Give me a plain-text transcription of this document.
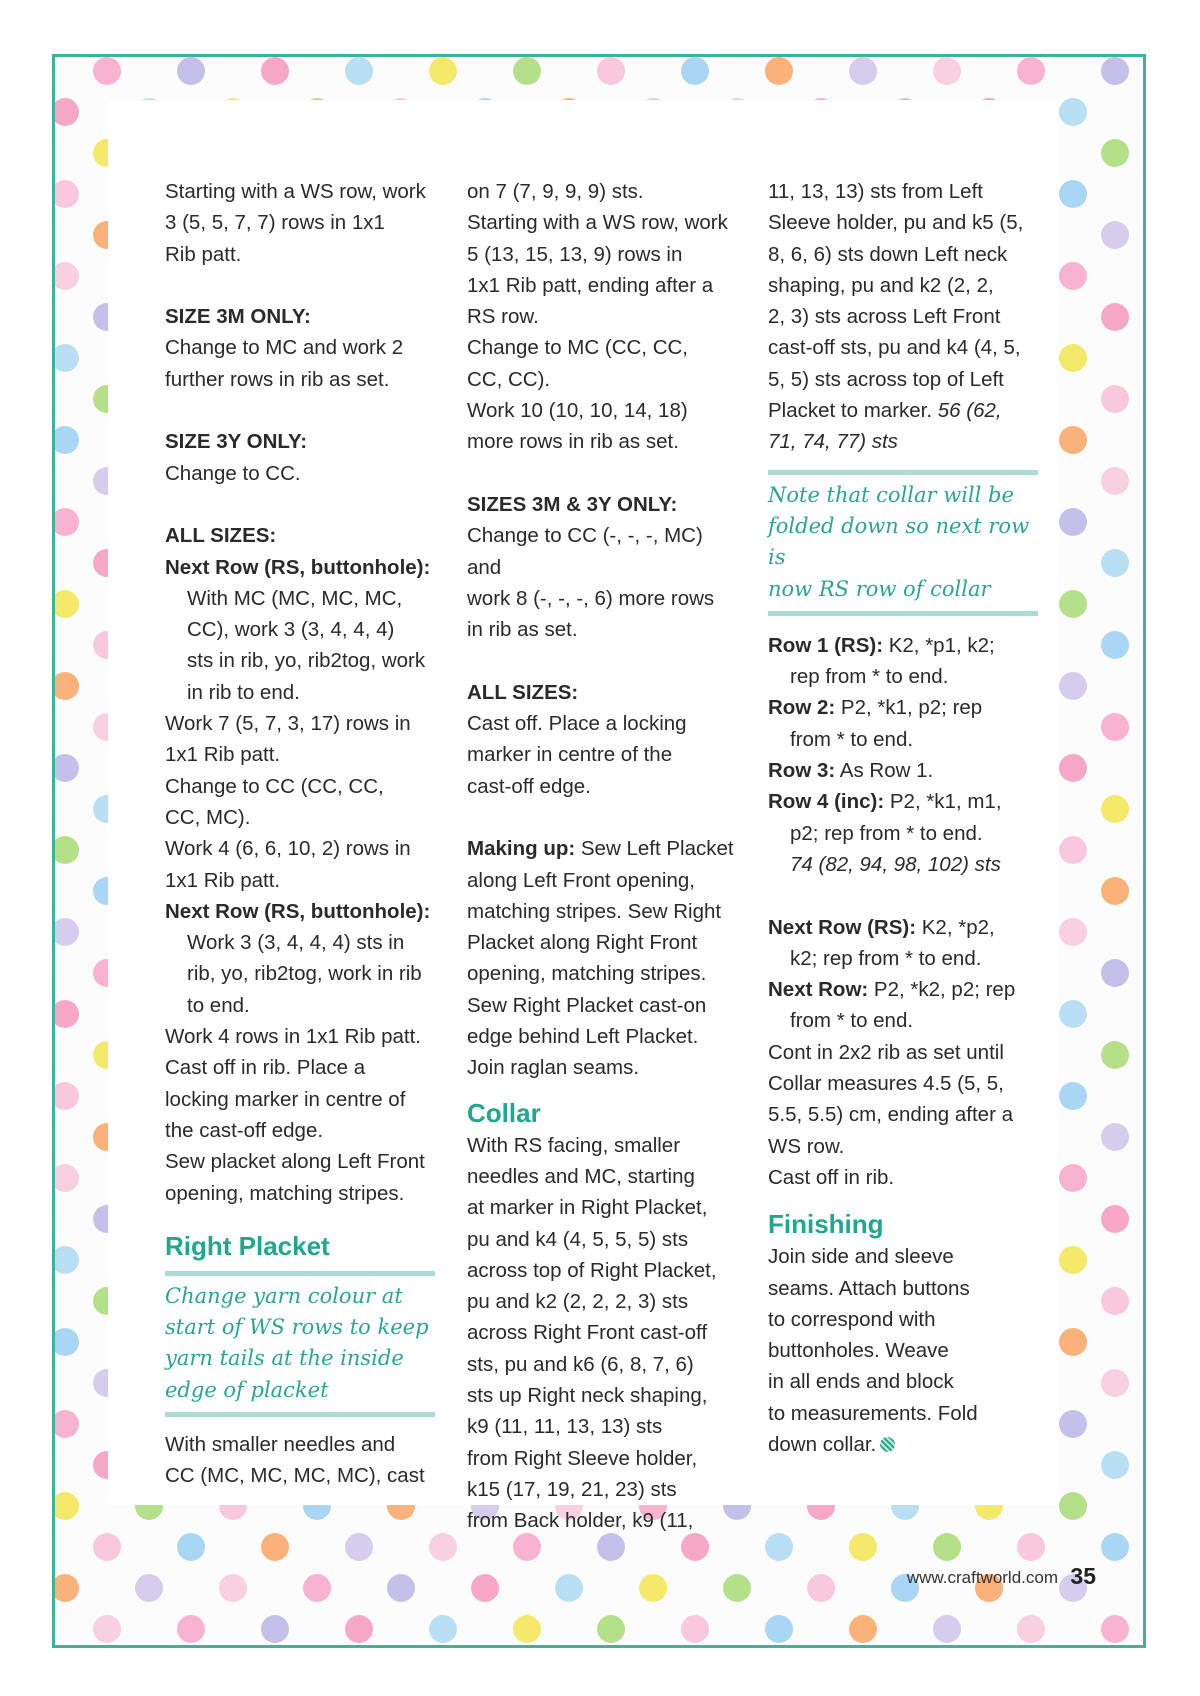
Starting with a WS row, work

3 (5, 5, 7, 7) rows in 1x1

Rib patt.

SIZE 3M ONLY:

Change to MC and work 2

further rows in rib as set.

SIZE 3Y ONLY:

Change to CC.

ALL SIZES:

Next Row (RS, buttonhole):

With MC (MC, MC, MC,

CC), work 3 (3, 4, 4, 4)

sts in rib, yo, rib2tog, work

in rib to end.

Work 7 (5, 7, 3, 17) rows in

1x1 Rib patt.

Change to CC (CC, CC,

CC, MC).

Work 4 (6, 6, 10, 2) rows in

1x1 Rib patt.

Next Row (RS, buttonhole):

Work 3 (3, 4, 4, 4) sts in

rib, yo, rib2tog, work in rib

to end.

Work 4 rows in 1x1 Rib patt.

Cast off in rib. Place a

locking marker in centre of

the cast-off edge.

Sew placket along Left Front

opening, matching stripes.

Right Placket
Change yarn colour at
start of WS rows to keep
yarn tails at the inside
edge of placket

With smaller needles and

CC (MC, MC, MC, MC), cast

on 7 (7, 9, 9, 9) sts.

Starting with a WS row, work

5 (13, 15, 13, 9) rows in

1x1 Rib patt, ending after a

RS row.

Change to MC (CC, CC,

CC, CC).

Work 10 (10, 10, 14, 18)

more rows in rib as set.

SIZES 3M & 3Y ONLY:

Change to CC (-, -, -, MC) and

work 8 (-, -, -, 6) more rows

in rib as set.

ALL SIZES:

Cast off. Place a locking

marker in centre of the

cast-off edge.

Making up: Sew Left Placket

along Left Front opening,

matching stripes. Sew Right

Placket along Right Front

opening, matching stripes.

Sew Right Placket cast-on

edge behind Left Placket.

Join raglan seams.

Collar

With RS facing, smaller

needles and MC, starting

at marker in Right Placket,

pu and k4 (4, 5, 5, 5) sts

across top of Right Placket,

pu and k2 (2, 2, 2, 3) sts

across Right Front cast-off

sts, pu and k6 (6, 8, 7, 6)

sts up Right neck shaping,

k9 (11, 11, 13, 13) sts

from Right Sleeve holder,

k15 (17, 19, 21, 23) sts

from Back holder, k9 (11,

11, 13, 13) sts from Left

Sleeve holder, pu and k5 (5,

8, 6, 6) sts down Left neck

shaping, pu and k2 (2, 2,

2, 3) sts across Left Front

cast-off sts, pu and k4 (4, 5,

5, 5) sts across top of Left

Placket to marker. 56 (62,

71, 74, 77) sts

Note that collar will be
folded down so next row is
now RS row of collar

Row 1 (RS): K2, *p1, k2;

rep from * to end.

Row 2: P2, *k1, p2; rep

from * to end.

Row 3: As Row 1.

Row 4 (inc): P2, *k1, m1,

p2; rep from * to end.

74 (82, 94, 98, 102) sts

Next Row (RS): K2, *p2,

k2; rep from * to end.

Next Row: P2, *k2, p2; rep

from * to end.

Cont in 2x2 rib as set until

Collar measures 4.5 (5, 5,

5.5, 5.5) cm, ending after a

WS row.

Cast off in rib.

Finishing

Join side and sleeve

seams. Attach buttons

to correspond with

buttonholes. Weave

in all ends and block

to measurements. Fold

down collar.

www.craftworld.com 35
